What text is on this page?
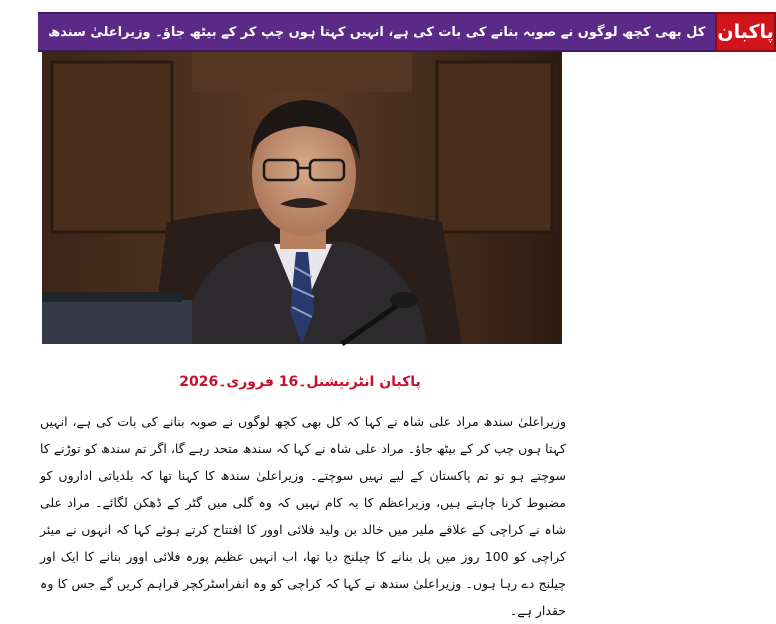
کل بھی کچھ لوگوں نے صوبہ بنانے کی بات کی ہے، انہیں کہتا ہوں چپ کر کے بیٹھ جاؤ۔ وزیراعلیٰ سندھ پاکبان
پاکبان انٹرنیشنل۔16 فروری۔2026
وزیراعلیٰ سندھ مراد علی شاہ نے کہا کہ کل بھی کچھ لوگوں نے صوبہ بنانے کی بات کی ہے، انہیں کہتا ہوں چپ کر کے بیٹھ جاؤ۔ مراد علی شاہ نے کہا کہ سندھ متحد رہے گا، اگر تم سندھ کو توڑنے کا سوچتے ہو تو تم پاکستان کے لیے نہیں سوچتے۔ وزیراعلیٰ سندھ کا کہنا تھا کہ بلدیاتی اداروں کو مضبوط کرنا چاہتے ہیں، وزیراعظم کا یہ کام نہیں کہ وہ گلی میں گٹر کے ڈھکن لگائے۔ مراد علی شاہ نے کراچی کے علاقے ملیر میں خالد بن ولید فلائی اوور کا افتتاح کرتے ہوئے کہا کہ انہوں نے میئر کراچی کو 100 روز میں پل بنانے کا چیلنج دیا تھا، اب انہیں عظیم پورہ فلائی اوور بنانے کا ایک اور چیلنج دے رہا ہوں۔ وزیراعلیٰ سندھ نے کہا کہ کراچی کو وہ انفراسٹرکچر فراہم کریں گے جس کا وہ حقدار ہے۔
